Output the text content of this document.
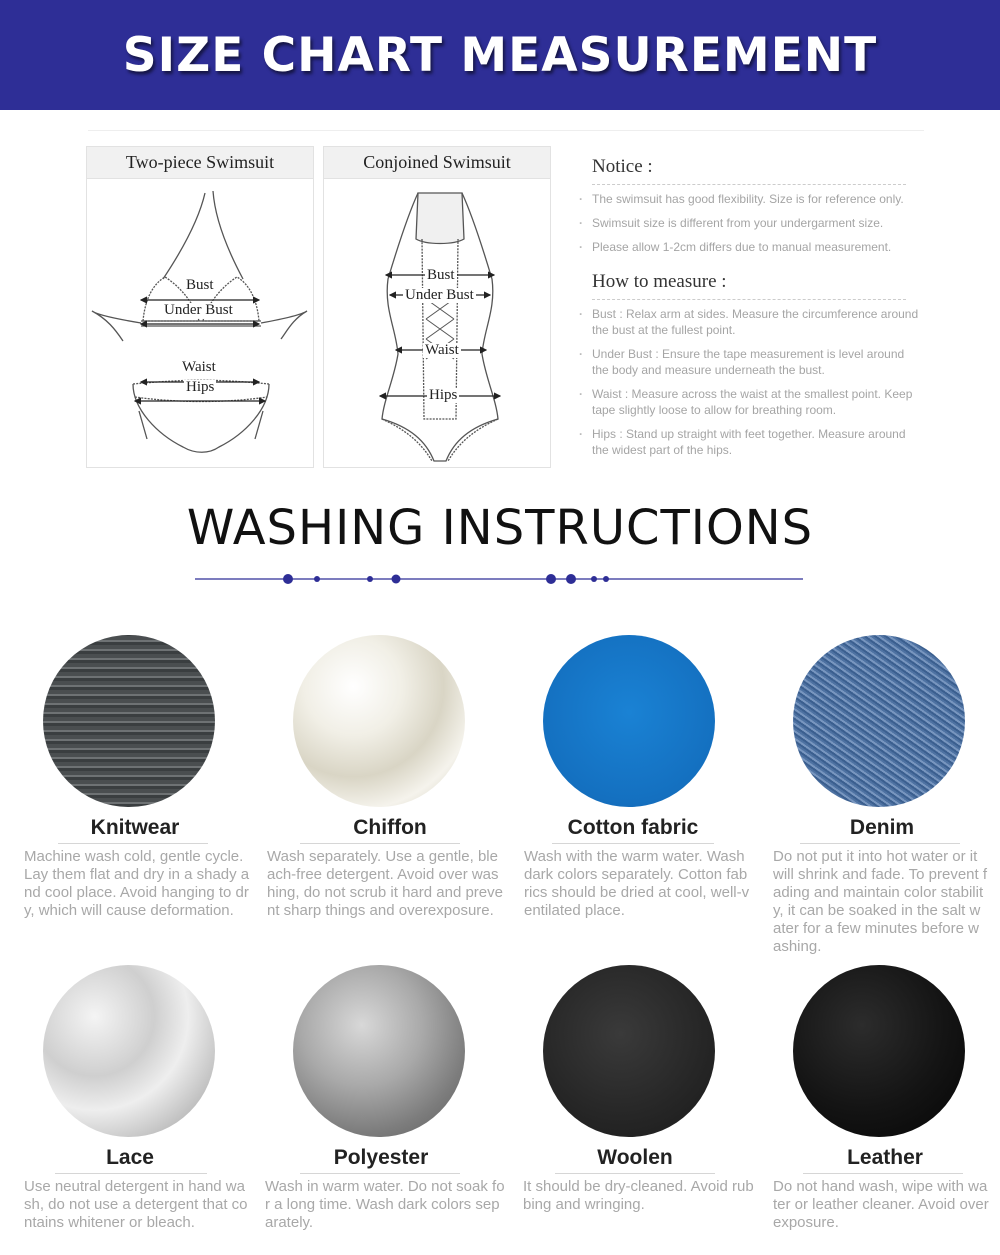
SIZE CHART MEASUREMENT
Two-piece Swimsuit
Bust
Under Bust
Waist
Hips
Conjoined Swimsuit
Bust
Under Bust
Waist
Hips
Notice :
· The swimsuit has good flexibility. Size is for reference only.
· Swimsuit size is different from your undergarment size.
· Please allow 1-2cm differs due to manual measurement.
How to measure :
· Bust : Relax arm at sides. Measure the circumference around the bust at the fullest point.
· Under Bust : Ensure the tape measurement is level around the body and measure underneath the bust.
· Waist : Measure across the waist at the smallest point. Keep tape slightly loose to allow for breathing room.
· Hips : Stand up straight with feet together. Measure around the widest part of the hips.
WASHING INSTRUCTIONS
Knitwear
Machine wash cold, gentle cycle. Lay them flat and dry in a shady and cool place. Avoid hanging to dry, which will cause deformation.
Chiffon
Wash separately. Use a gentle, bleach-free detergent. Avoid over washing, do not scrub it hard and prevent sharp things and overexposure.
Cotton fabric
Wash with the warm water. Wash dark colors separately. Cotton fabrics should be dried at cool, well-ventilated place.
Denim
Do not put it into hot water or it will shrink and fade. To prevent fading and maintain color stability, it can be soaked in the salt water for a few minutes before washing.
Lace
Use neutral detergent in hand wash, do not use a detergent that contains whitener or bleach.
Polyester
Wash in warm water. Do not soak for a long time. Wash dark colors separately.
Woolen
It should be dry-cleaned. Avoid rubbing and wringing.
Leather
Do not hand wash, wipe with water or leather cleaner. Avoid overexposure.
